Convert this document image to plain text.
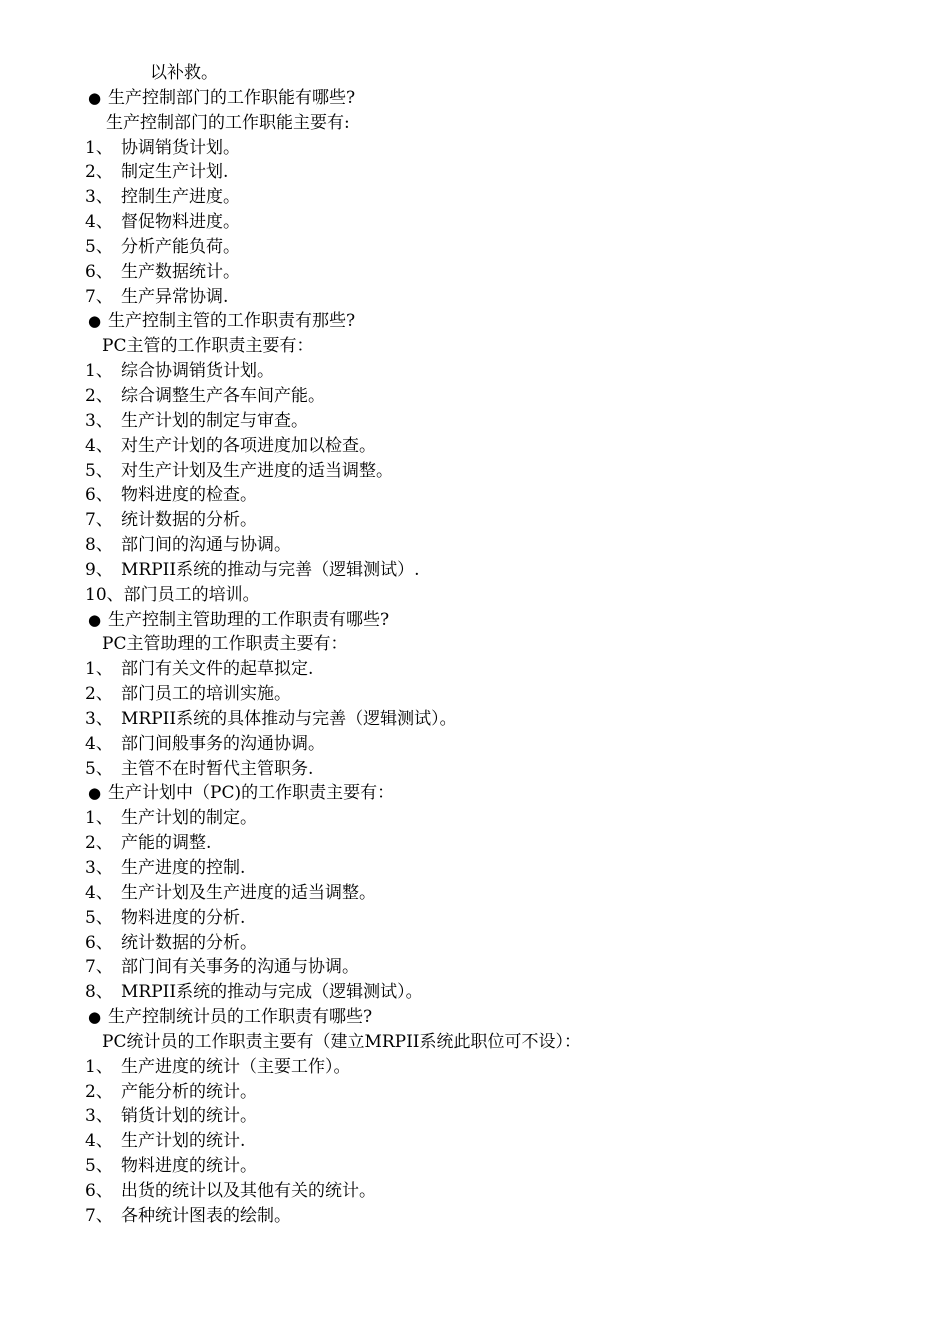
以补救。
● 生产控制部门的工作职能有哪些?
生产控制部门的工作职能主要有:
1、 协调销货计划。
2、 制定生产计划.
3、 控制生产进度。
4、 督促物料进度。
5、 分析产能负荷。
6、 生产数据统计。
7、 生产异常协调.
● 生产控制主管的工作职责有那些?
PC主管的工作职责主要有：
1、 综合协调销货计划。
2、 综合调整生产各车间产能。
3、 生产计划的制定与审查。
4、 对生产计划的各项进度加以检查。
5、 对生产计划及生产进度的适当调整。
6、 物料进度的检查。
7、 统计数据的分析。
8、 部门间的沟通与协调。
9、 MRPII系统的推动与完善（逻辑测试）.
10、部门员工的培训。
● 生产控制主管助理的工作职责有哪些?
PC主管助理的工作职责主要有：
1、 部门有关文件的起草拟定.
2、 部门员工的培训实施。
3、 MRPII系统的具体推动与完善（逻辑测试）。
4、 部门间般事务的沟通协调。
5、 主管不在时暂代主管职务.
● 生产计划中（PC)的工作职责主要有：
1、 生产计划的制定。
2、 产能的调整.
3、 生产进度的控制.
4、 生产计划及生产进度的适当调整。
5、 物料进度的分析.
6、 统计数据的分析。
7、 部门间有关事务的沟通与协调。
8、 MRPII系统的推动与完成（逻辑测试）。
● 生产控制统计员的工作职责有哪些?
PC统计员的工作职责主要有（建立MRPII系统此职位可不设）：
1、 生产进度的统计（主要工作）。
2、 产能分析的统计。
3、 销货计划的统计。
4、 生产计划的统计.
5、 物料进度的统计。
6、 出货的统计以及其他有关的统计。
7、 各种统计图表的绘制。
